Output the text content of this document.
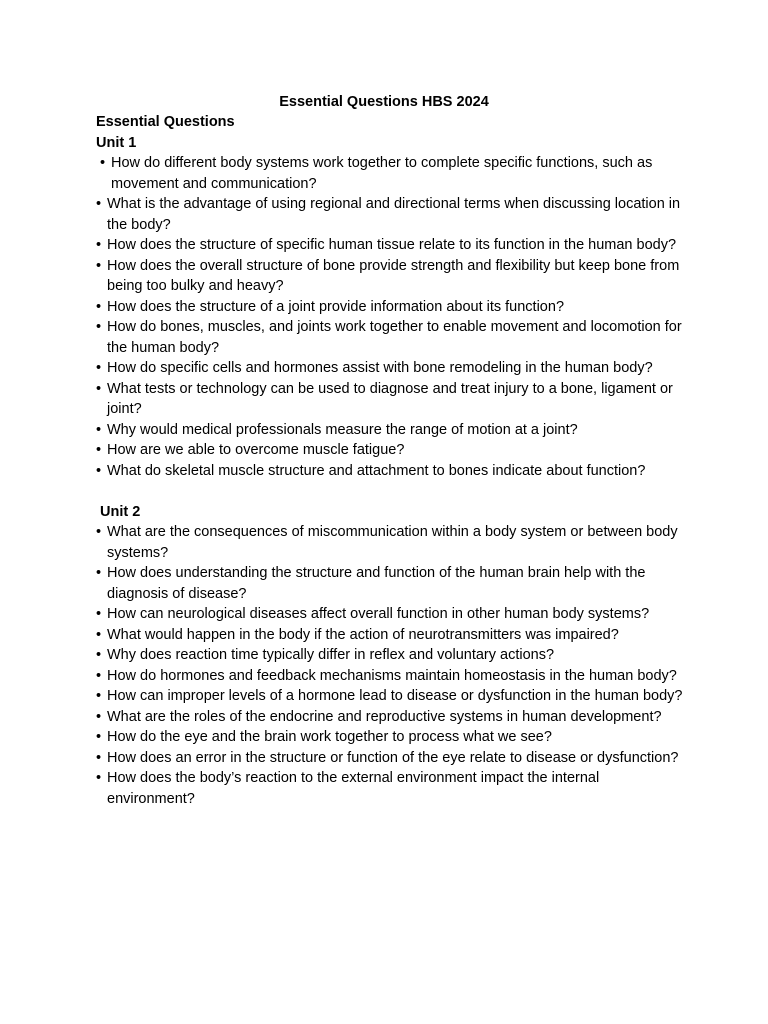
Essential Questions HBS 2024
Essential Questions
Unit 1
• How do different body systems work together to complete specific functions, such as movement and communication?
• What is the advantage of using regional and directional terms when discussing location in the body?
• How does the structure of specific human tissue relate to its function in the human body?
• How does the overall structure of bone provide strength and flexibility but keep bone from being too bulky and heavy?
• How does the structure of a joint provide information about its function?
• How do bones, muscles, and joints work together to enable movement and locomotion for the human body?
• How do specific cells and hormones assist with bone remodeling in the human body?
• What tests or technology can be used to diagnose and treat injury to a bone, ligament or joint?
• Why would medical professionals measure the range of motion at a joint?
• How are we able to overcome muscle fatigue?
• What do skeletal muscle structure and attachment to bones indicate about function?
Unit 2
• What are the consequences of miscommunication within a body system or between body systems?
• How does understanding the structure and function of the human brain help with the diagnosis of disease?
• How can neurological diseases affect overall function in other human body systems?
• What would happen in the body if the action of neurotransmitters was impaired?
• Why does reaction time typically differ in reflex and voluntary actions?
• How do hormones and feedback mechanisms maintain homeostasis in the human body?
• How can improper levels of a hormone lead to disease or dysfunction in the human body?
• What are the roles of the endocrine and reproductive systems in human development?
• How do the eye and the brain work together to process what we see?
• How does an error in the structure or function of the eye relate to disease or dysfunction?
• How does the body’s reaction to the external environment impact the internal environment?
